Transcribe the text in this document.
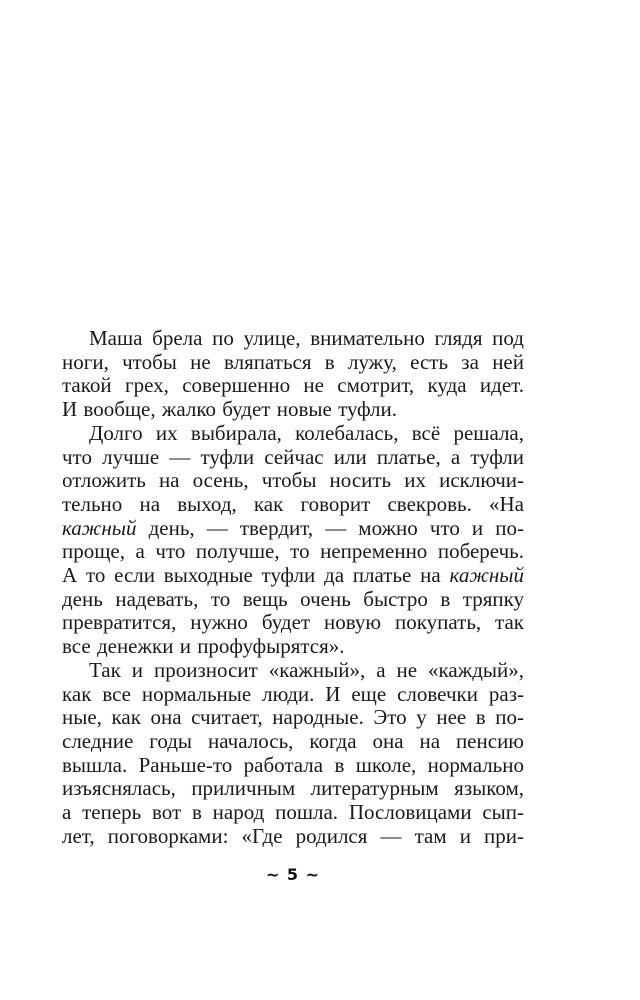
Маша брела по улице, внимательно глядя под
ноги, чтобы не вляпаться в лужу, есть за ней
такой грех, совершенно не смотрит, куда идет.
И вообще, жалко будет новые туфли.
Долго их выбирала, колебалась, всё решала,
что лучше — туфли сейчас или платье, а туфли
отложить на осень, чтобы носить их исключи-
тельно на выход, как говорит свекровь. «На
кажный день, — твердит, — можно что и по-
проще, а что получше, то непременно поберечь.
А то если выходные туфли да платье на кажный
день надевать, то вещь очень быстро в тряпку
превратится, нужно будет новую покупать, так
все денежки и профуфырятся».
Так и произносит «кажный», а не «каждый»,
как все нормальные люди. И еще словечки раз-
ные, как она считает, народные. Это у нее в по-
следние годы началось, когда она на пенсию
вышла. Раньше-то работала в школе, нормально
изъяснялась, приличным литературным языком,
а теперь вот в народ пошла. Пословицами сып-
лет, поговорками: «Где родился — там и при-
~ 5 ~
